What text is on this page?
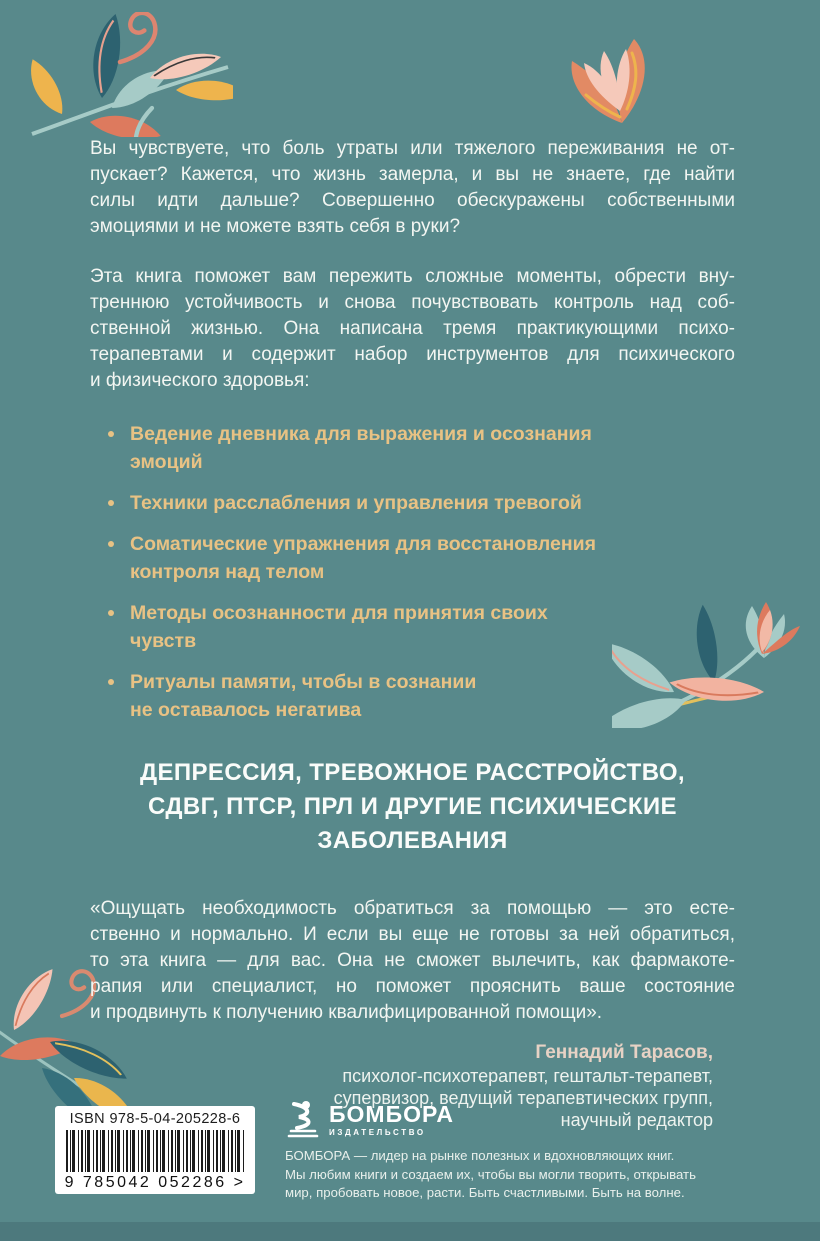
Вы чувствуете, что боль утраты или тяжелого переживания не от-
пускает? Кажется, что жизнь замерла, и вы не знаете, где найти
силы идти дальше? Совершенно обескуражены собственными
эмоциями и не можете взять себя в руки?
Эта книга поможет вам пережить сложные моменты, обрести вну-
треннюю устойчивость и снова почувствовать контроль над соб-
ственной жизнью. Она написана тремя практикующими психо-
терапевтами и содержит набор инструментов для психического
и физического здоровья:
Ведение дневника для выражения и осознания
эмоций
Техники расслабления и управления тревогой
Соматические упражнения для восстановления
контроля над телом
Методы осознанности для принятия своих
чувств
Ритуалы памяти, чтобы в сознании
не оставалось негатива
ДЕПРЕССИЯ, ТРЕВОЖНОЕ РАССТРОЙСТВО,
СДВГ, ПТСР, ПРЛ И ДРУГИЕ ПСИХИЧЕСКИЕ
ЗАБОЛЕВАНИЯ
«Ощущать необходимость обратиться за помощью — это есте-
ственно и нормально. И если вы еще не готовы за ней обратиться,
то эта книга — для вас. Она не сможет вылечить, как фармакоте-
рапия или специалист, но поможет прояснить ваше состояние
и продвинуть к получению квалифицированной помощи».
Геннадий Тарасов,
психолог-психотерапевт, гештальт-терапевт,
супервизор, ведущий терапевтических групп,
научный редактор
ISBN 978-5-04-205228-6
9 785042 052286 >
БОМБОРА
ИЗДАТЕЛЬСТВО
БОМБОРА — лидер на рынке полезных и вдохновляющих книг.
Мы любим книги и создаем их, чтобы вы могли творить, открывать
мир, пробовать новое, расти. Быть счастливыми. Быть на волне.
